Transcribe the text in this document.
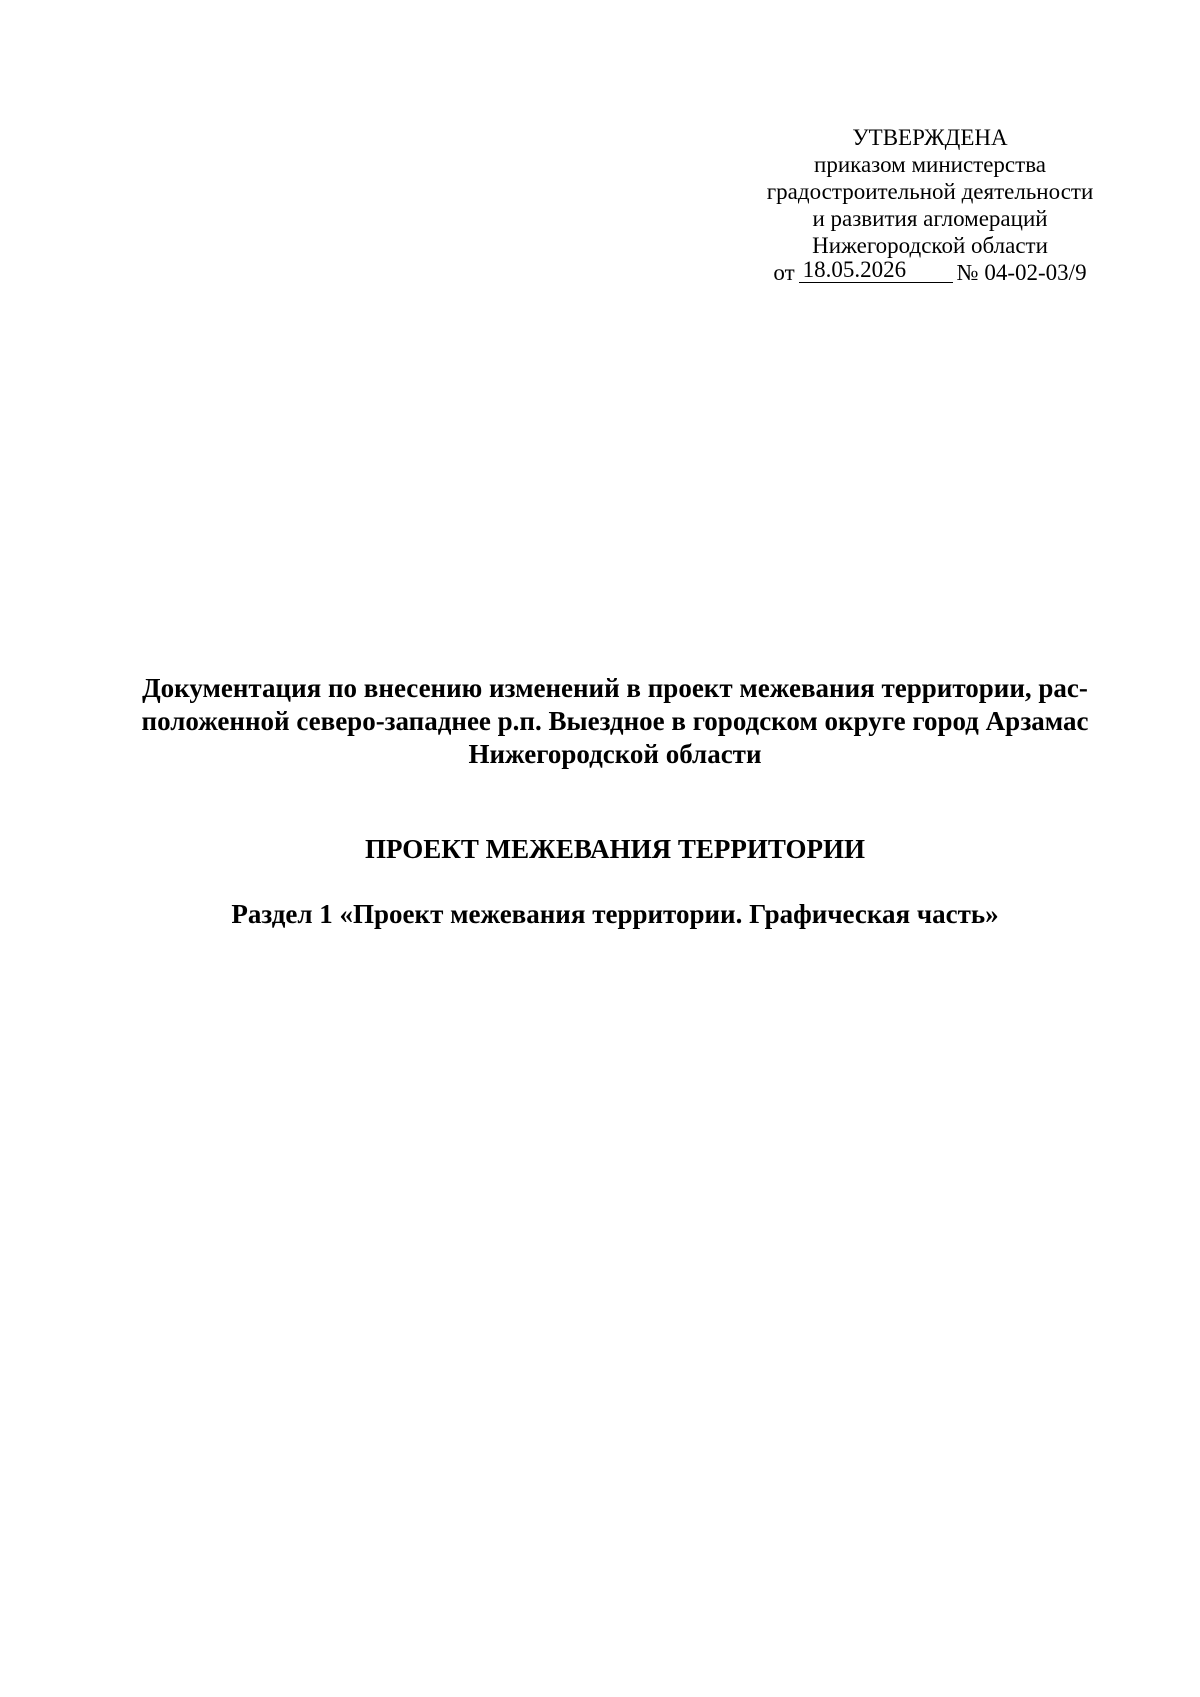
УТВЕРЖДЕНА
приказом министерства
градостроительной деятельности
и развития агломераций
Нижегородской области
от 18.05.2026 № 04-02-03/9
Документация по внесению изменений в проект межевания территории, рас-
положенной северо-западнее р.п. Выездное в городском округе город Арзамас
Нижегородской области
ПРОЕКТ МЕЖЕВАНИЯ ТЕРРИТОРИИ
Раздел 1 «Проект межевания территории. Графическая часть»
